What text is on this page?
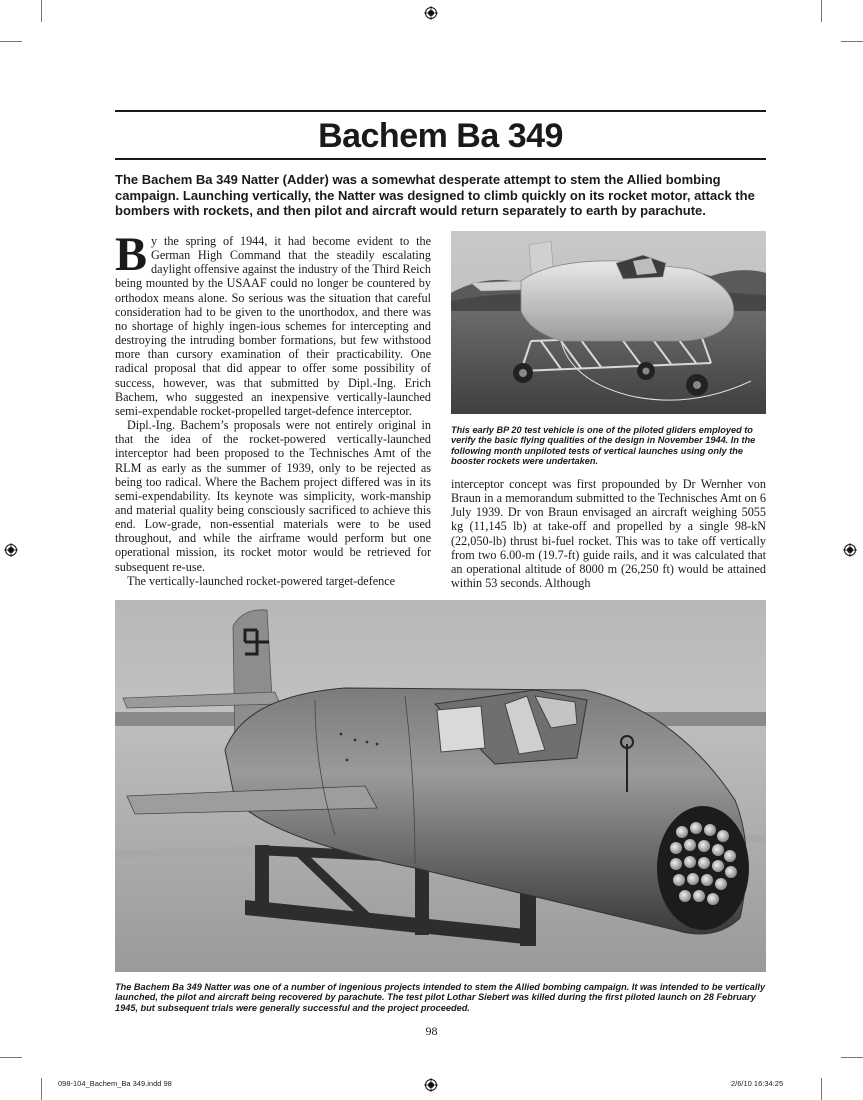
Bachem Ba 349
The Bachem Ba 349 Natter (Adder) was a somewhat desperate attempt to stem the Allied bombing campaign. Launching vertically, the Natter was designed to climb quickly on its rocket motor, attack the bombers with rockets, and then pilot and aircraft would return separately to earth by parachute.

By the spring of 1944, it had become evident to the German High Command that the steadily escalating daylight offensive against the industry of the Third Reich being mounted by the USAAF could no longer be countered by orthodox means alone. So serious was the situation that careful consideration had to be given to the unorthodox, and there was no shortage of highly ingen-ious schemes for intercepting and destroying the intruding bomber formations, but few withstood more than cursory examination of their practicability. One radical proposal that did appear to offer some possibility of success, however, was that submitted by Dipl.-Ing. Erich Bachem, who suggested an inexpensive vertically-launched semi-expendable rocket-propelled target-defence interceptor.

Dipl.-Ing. Bachem’s proposals were not entirely original in that the idea of the rocket-powered vertically-launched interceptor had been proposed to the Technisches Amt of the RLM as early as the summer of 1939, only to be rejected as being too radical. Where the Bachem project differed was in its semi-expendability. Its keynote was simplicity, work-manship and material quality being consciously sacrificed to achieve this end. Low-grade, non-essential materials were to be used throughout, and while the airframe would perform but one operational mission, its rocket motor would be retrieved for subsequent re-use.

The vertically-launched rocket-powered target-defence

This early BP 20 test vehicle is one of the piloted gliders employed to verify the basic flying qualities of the design in November 1944. In the following month unpiloted tests of vertical launches using only the booster rockets were undertaken.

interceptor concept was first propounded by Dr Wernher von Braun in a memorandum submitted to the Technisches Amt on 6 July 1939. Dr von Braun envisaged an aircraft weighing 5055 kg (11,145 lb) at take-off and propelled by a single 98-kN (22,050-lb) thrust bi-fuel rocket. This was to take off vertically from two 6.00-m (19.7-ft) guide rails, and it was calculated that an operational altitude of 8000 m (26,250 ft) would be attained within 53 seconds. Although

The Bachem Ba 349 Natter was one of a number of ingenious projects intended to stem the Allied bombing campaign. It was intended to be vertically launched, the pilot and aircraft being recovered by parachute. The test pilot Lothar Siebert was killed during the first piloted launch on 28 February 1945, but subsequent trials were generally successful and the project proceeded.
98
098-104_Bachem_Ba 349.indd 98	2/6/10 16:34:25
